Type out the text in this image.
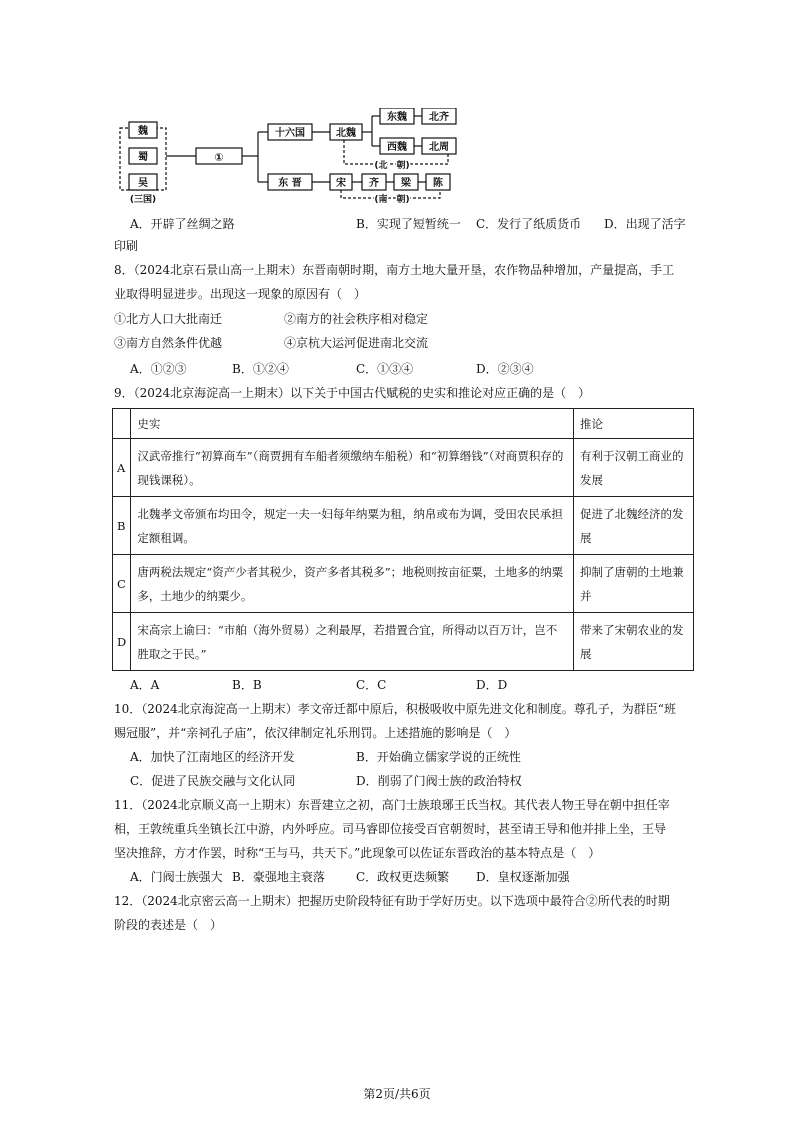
魏
蜀
吴
(三国)
①
十六国	北魏
东魏 北齐
西魏 北周
(北　朝)
东 晋	宋 齐 梁 陈
(南　朝)
A．开辟了丝绸之路	B．实现了短暂统一 C．发行了纸质货币 D．出现了活字
印刷
8．（2024北京石景山高一上期末）东晋南朝时期，南方土地大量开垦，农作物品种增加，产量提高，手工
业取得明显进步。出现这一现象的原因有（　）
①北方人口大批南迁	②南方的社会秩序相对稳定
③南方自然条件优越	④京杭大运河促进南北交流
A．①②③	B．①②④	C．①③④	D．②③④
9．（2024北京海淀高一上期末）以下关于中国古代赋税的史实和推论对应正确的是（　）
	史实	推论
A	汉武帝推行“初算商车”（商贾拥有车船者须缴纳车船税）和“初算缗钱”（对商贾积存的现钱课税）。	有利于汉朝工商业的发展
B	北魏孝文帝颁布均田令，规定一夫一妇每年纳粟为租，纳帛或布为调，受田农民承担定额租调。	促进了北魏经济的发展
C	唐两税法规定“资产少者其税少，资产多者其税多”；地税则按亩征粟，土地多的纳粟多，土地少的纳粟少。	抑制了唐朝的土地兼并
D	宋高宗上谕曰：“市舶（海外贸易）之利最厚，若措置合宜，所得动以百万计，岂不胜取之于民。”	带来了宋朝农业的发展
A．A	B．B	C．C	D．D
10．（2024北京海淀高一上期末）孝文帝迁都中原后，积极吸收中原先进文化和制度。尊孔子，为群臣“班
赐冠服”，并“亲祠孔子庙”，依汉律制定礼乐刑罚。上述措施的影响是（　）
A．加快了江南地区的经济开发	B．开始确立儒家学说的正统性
C．促进了民族交融与文化认同	D．削弱了门阀士族的政治特权
11．（2024北京顺义高一上期末）东晋建立之初，高门士族琅琊王氏当权。其代表人物王导在朝中担任宰
相，王敦统重兵坐镇长江中游，内外呼应。司马睿即位接受百官朝贺时，甚至请王导和他并排上坐，王导
坚决推辞，方才作罢，时称“王与马，共天下。”此现象可以佐证东晋政治的基本特点是（　）
A．门阀士族强大 B．豪强地主衰落	C．政权更迭频繁 D．皇权逐渐加强
12．（2024北京密云高一上期末）把握历史阶段特征有助于学好历史。以下选项中最符合②所代表的时期
阶段的表述是（　）
第2页/共6页
